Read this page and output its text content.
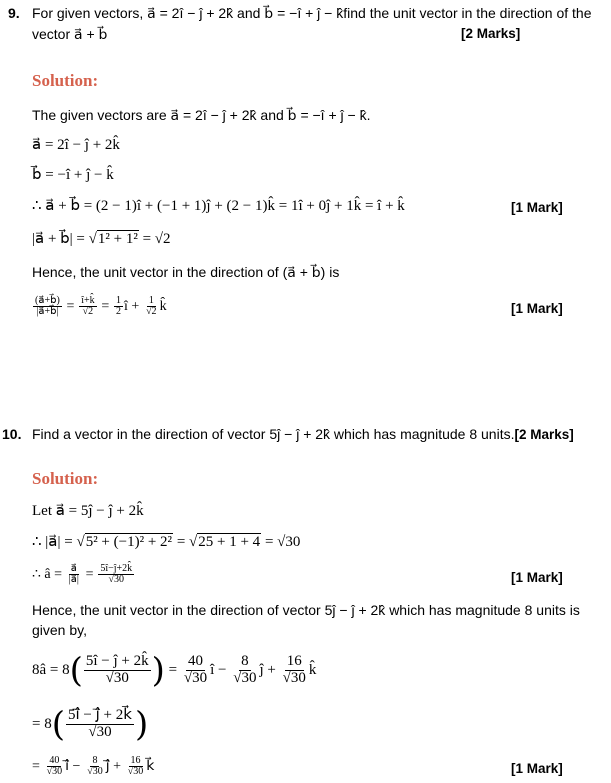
9. For given vectors, a⃗ = 2î − ĵ + 2k̂ and b⃗ = −î + ĵ − k̂find the unit vector in the direction of the
vector a⃗ + b⃗	[2 Marks]
Solution:
The given vectors are a⃗ = 2î − ĵ + 2k̂ and b⃗ = −î + ĵ − k̂.
a⃗ = 2î − ĵ + 2k̂
b⃗ = −î + ĵ − k̂
∴ a⃗ + b⃗ = (2 − 1)î + (−1 + 1)ĵ + (2 − 1)k̂ = 1î + 0ĵ + 1k̂ = î + k̂	[1 Mark]
|a⃗ + b⃗| = √1² + 1² = √2
Hence, the unit vector in the direction of (a⃗ + b⃗) is
$\frac{(a⃗+b⃗)}{|a⃗+b⃗|} = \frac{î+k̂}{√2} = \frac{1}{2}$ î + $\frac{1}{√2}$ k̂	[1 Mark]
10. Find a vector in the direction of vector 5ĵ − ĵ + 2k̂ which has magnitude 8 units.[2 Marks]
Solution:
Let a⃗ = 5ĵ − ĵ + 2k̂
∴ |a⃗| = √5² + (−1)² + 2² = √25 + 1 + 4 = √30
∴ â = $\frac{a⃗}{|a⃗|} = \frac{5î-ĵ+2k̂}{√30}$	[1 Mark]
Hence, the unit vector in the direction of vector 5ĵ − ĵ + 2k̂ which has magnitude 8 units is
given by,
8â = $8( \frac{5î - ĵ + 2k̂}{√30}$ ) = $\frac{40}{√30}$ î − $\frac{8}{√30}$ ĵ + $\frac{16}{√30}$ k̂
= $8( \frac{5î⃗ - ĵ⃗ + 2k⃗}{√30}$ )
= $\frac{40}{√30}$ î⃗ − $\frac{8}{√30}$ ĵ⃗ + $\frac{16}{√30}$ k⃗	[1 Mark]
